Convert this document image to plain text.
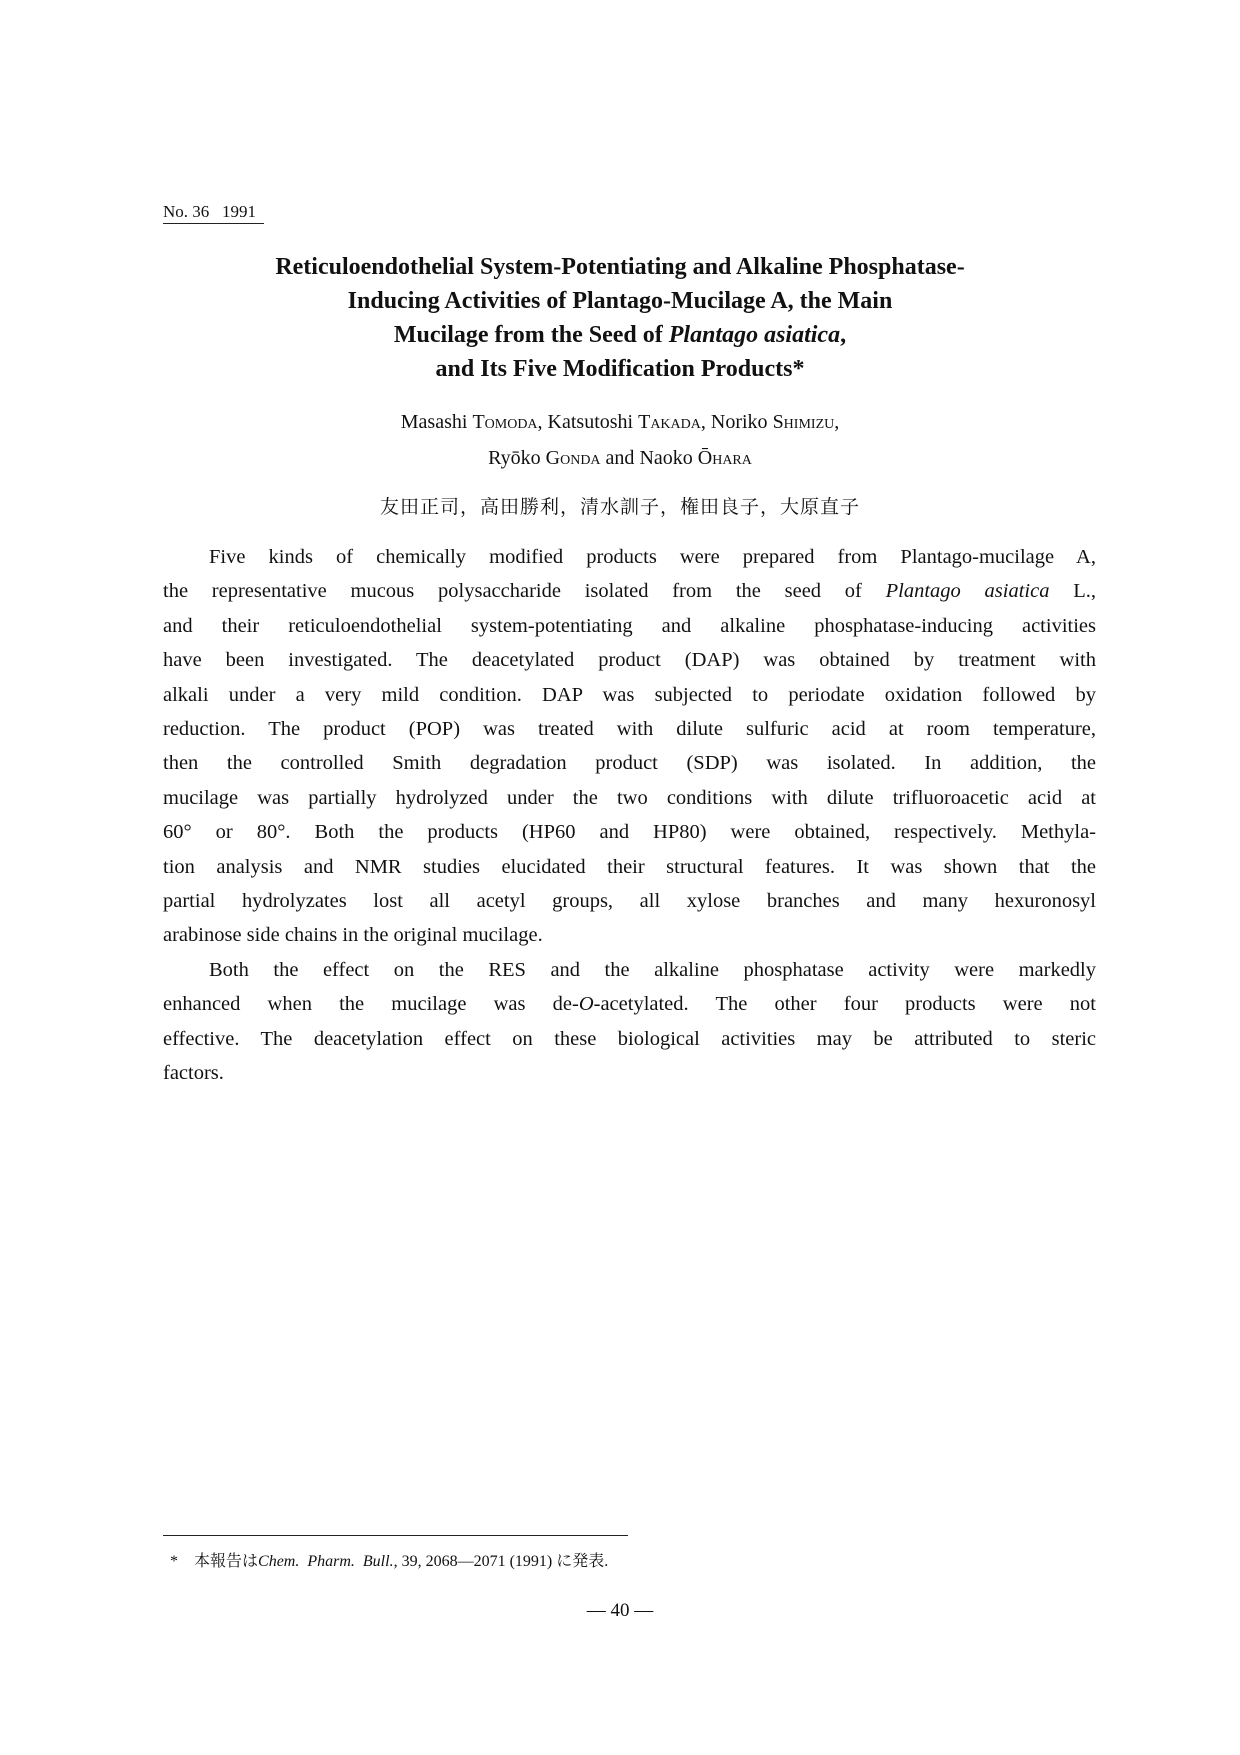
No. 36 1991
Reticuloendothelial System-Potentiating and Alkaline Phosphatase-
Inducing Activities of Plantago-Mucilage A, the Main
Mucilage from the Seed of Plantago asiatica,
and Its Five Modification Products*
Masashi Tomoda, Katsutoshi Takada, Noriko Shimizu,
Ryōko Gonda and Naoko Ōhara
友田正司，高田勝利，清水訓子，権田良子，大原直子
Five kinds of chemically modified products were prepared from Plantago-mucilage A,
the representative mucous polysaccharide isolated from the seed of Plantago asiatica L.,
and their reticuloendothelial system-potentiating and alkaline phosphatase-inducing activities
have been investigated. The deacetylated product (DAP) was obtained by treatment with
alkali under a very mild condition. DAP was subjected to periodate oxidation followed by
reduction. The product (POP) was treated with dilute sulfuric acid at room temperature,
then the controlled Smith degradation product (SDP) was isolated. In addition, the
mucilage was partially hydrolyzed under the two conditions with dilute trifluoroacetic acid at
60° or 80°. Both the products (HP60 and HP80) were obtained, respectively. Methyla-
tion analysis and NMR studies elucidated their structural features. It was shown that the
partial hydrolyzates lost all acetyl groups, all xylose branches and many hexuronosyl
arabinose side chains in the original mucilage.
Both the effect on the RES and the alkaline phosphatase activity were markedly
enhanced when the mucilage was de-O-acetylated. The other four products were not
effective. The deacetylation effect on these biological activities may be attributed to steric
factors.
* 本報告はChem. Pharm. Bull., 39, 2068—2071 (1991) に発表.
— 40 —
